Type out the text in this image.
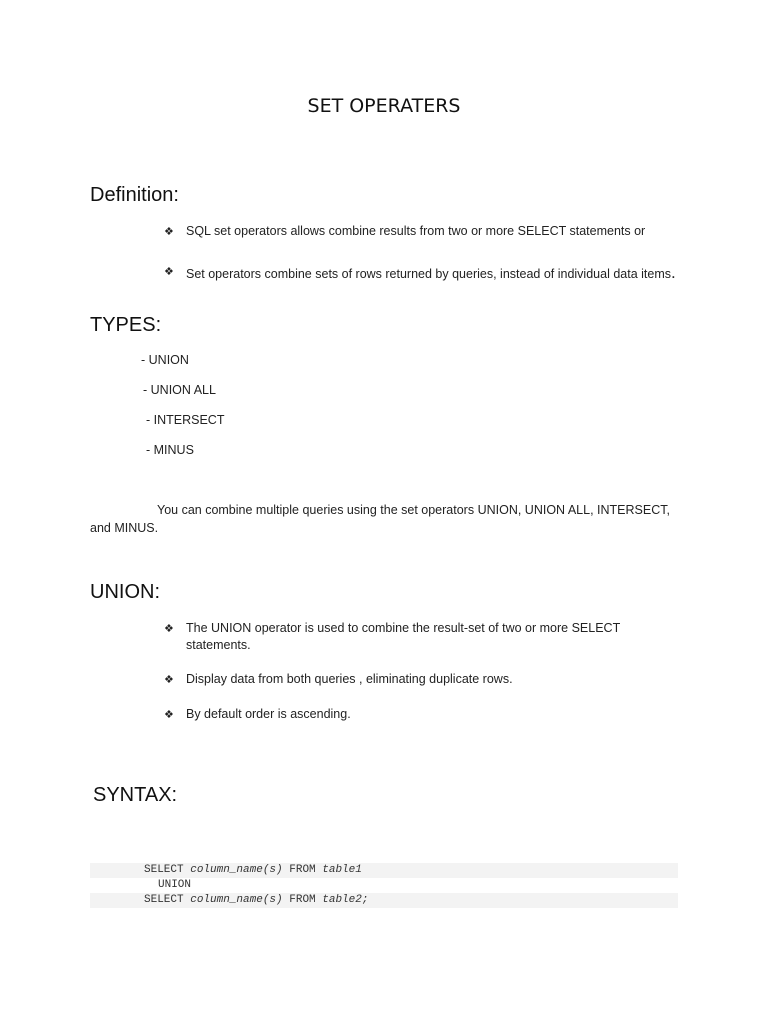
SET OPERATERS
Definition:
❖ SQL set operators allows combine results from two or more SELECT statements or
❖ Set operators combine sets of rows returned by queries, instead of individual data items.
TYPES:
- UNION
- UNION ALL
- INTERSECT
- MINUS
You can combine multiple queries using the set operators UNION, UNION ALL, INTERSECT,
and MINUS.
UNION:
❖ The UNION operator is used to combine the result-set of two or more SELECT
statements.
❖ Display data from both queries , eliminating duplicate rows.
❖ By default order is ascending.
SYNTAX:
SELECT column_name(s) FROM table1
UNION
SELECT column_name(s) FROM table2;
